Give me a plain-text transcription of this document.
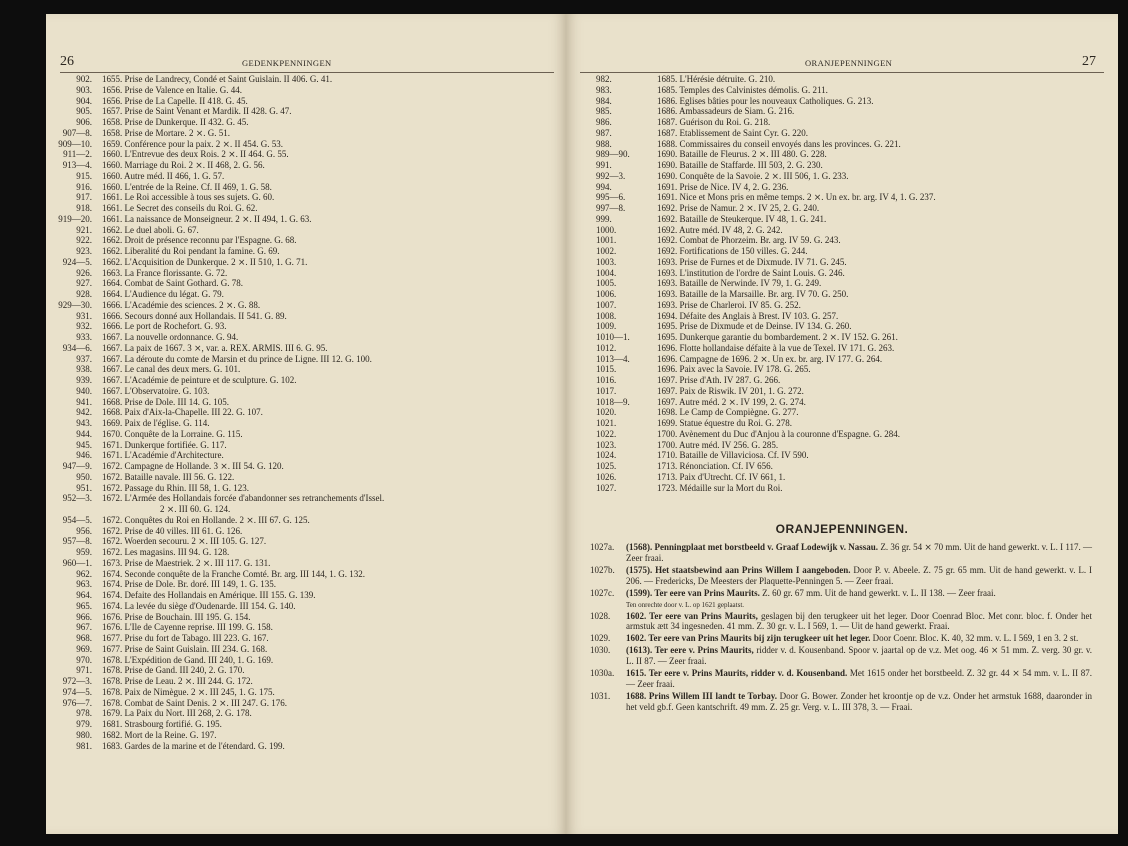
26	GEDENKPENNINGEN
902.	1655. Prise de Landrecy, Condé et Saint Guislain. II 406. G. 41.
903.	1656. Prise de Valence en Italie. G. 44.
904.	1656. Prise de La Capelle. II 418. G. 45.
905.	1657. Prise de Saint Venant et Mardik. II 428. G. 47.
906.	1658. Prise de Dunkerque. II 432. G. 45.
907—8.	1658. Prise de Mortare. 2 ⨯. G. 51.
909—10.	1659. Conférence pour la paix. 2 ⨯. II 454. G. 53.
911—2.	1660. L'Entrevue des deux Rois. 2 ⨯. II 464. G. 55.
913—4.	1660. Marriage du Roi. 2 ⨯. II 468, 2. G. 56.
915.	1660. Autre méd. II 466, 1. G. 57.
916.	1660. L'entrée de la Reine. Cf. II 469, 1. G. 58.
917.	1661. Le Roi accessible à tous ses sujets. G. 60.
918.	1661. Le Secret des conseils du Roi. G. 62.
919—20.	1661. La naissance de Monseigneur. 2 ⨯. II 494, 1. G. 63.
921.	1662. Le duel aboli. G. 67.
922.	1662. Droit de présence reconnu par l'Espagne. G. 68.
923.	1662. Liberalité du Roi pendant la famine. G. 69.
924—5.	1662. L'Acquisition de Dunkerque. 2 ⨯. II 510, 1. G. 71.
926.	1663. La France florissante. G. 72.
927.	1664. Combat de Saint Gothard. G. 78.
928.	1664. L'Audience du légat. G. 79.
929—30.	1666. L'Académie des sciences. 2 ⨯. G. 88.
931.	1666. Secours donné aux Hollandais. II 541. G. 89.
932.	1666. Le port de Rochefort. G. 93.
933.	1667. La nouvelle ordonnance. G. 94.
934—6.	1667. La paix de 1667. 3 ⨯, var. a. REX. ARMIS. III 6. G. 95.
937.	1667. La déroute du comte de Marsin et du prince de Ligne. III 12. G. 100.
938.	1667. Le canal des deux mers. G. 101.
939.	1667. L'Académie de peinture et de sculpture. G. 102.
940.	1667. L'Observatoire. G. 103.
941.	1668. Prise de Dole. III 14. G. 105.
942.	1668. Paix d'Aix-la-Chapelle. III 22. G. 107.
943.	1669. Paix de l'église. G. 114.
944.	1670. Conquête de la Lorraine. G. 115.
945.	1671. Dunkerque fortifiée. G. 117.
946.	1671. L'Académie d'Architecture.
947—9.	1672. Campagne de Hollande. 3 ⨯. III 54. G. 120.
950.	1672. Bataille navale. III 56. G. 122.
951.	1672. Passage du Rhin. III 58, 1. G. 123.
952—3.	1672. L'Armée des Hollandais forcée d'abandonner ses retranchements d'Issel.
2 ⨯. III 60. G. 124.
954—5.	1672. Conquêtes du Roi en Hollande. 2 ⨯. III 67. G. 125.
956.	1672. Prise de 40 villes. III 61. G. 126.
957—8.	1672. Woerden secouru. 2 ⨯. III 105. G. 127.
959.	1672. Les magasins. III 94. G. 128.
960—1.	1673. Prise de Maestriek. 2 ⨯. III 117. G. 131.
962.	1674. Seconde conquête de la Franche Comté. Br. arg. III 144, 1. G. 132.
963.	1674. Prise de Dole. Br. doré. III 149, 1. G. 135.
964.	1674. Defaite des Hollandais en Amérique. III 155. G. 139.
965.	1674. La levée du siège d'Oudenarde. III 154. G. 140.
966.	1676. Prise de Bouchain. III 195. G. 154.
967.	1676. L'Ile de Cayenne reprise. III 199. G. 158.
968.	1677. Prise du fort de Tabago. III 223. G. 167.
969.	1677. Prise de Saint Guislain. III 234. G. 168.
970.	1678. L'Expédition de Gand. III 240, 1. G. 169.
971.	1678. Prise de Gand. III 240, 2. G. 170.
972—3.	1678. Prise de Leau. 2 ⨯. III 244. G. 172.
974—5.	1678. Paix de Nimègue. 2 ⨯. III 245, 1. G. 175.
976—7.	1678. Combat de Saint Denis. 2 ⨯. III 247. G. 176.
978.	1679. La Paix du Nort. III 268, 2. G. 178.
979.	1681. Strasbourg fortifié. G. 195.
980.	1682. Mort de la Reine. G. 197.
981.	1683. Gardes de la marine et de l'étendard. G. 199.
ORANJEPENNINGEN	27
982.	1685. L'Hérésie détruite. G. 210.
983.	1685. Temples des Calvinistes démolis. G. 211.
984.	1686. Eglises bâties pour les nouveaux Catholiques. G. 213.
985.	1686. Ambassadeurs de Siam. G. 216.
986.	1687. Guérison du Roi. G. 218.
987.	1687. Etablissement de Saint Cyr. G. 220.
988.	1688. Commissaires du conseil envoyés dans les provinces. G. 221.
989—90.	1690. Bataille de Fleurus. 2 ⨯. III 480. G. 228.
991.	1690. Bataille de Staffarde. III 503, 2. G. 230.
992—3.	1690. Conquête de la Savoie. 2 ⨯. III 506, 1. G. 233.
994.	1691. Prise de Nice. IV 4, 2. G. 236.
995—6.	1691. Nice et Mons pris en même temps. 2 ⨯. Un ex. br. arg. IV 4, 1. G. 237.
997—8.	1692. Prise de Namur. 2 ⨯. IV 25, 2. G. 240.
999.	1692. Bataille de Steukerque. IV 48, 1. G. 241.
1000.	1692. Autre méd. IV 48, 2. G. 242.
1001.	1692. Combat de Phorzeim. Br. arg. IV 59. G. 243.
1002.	1692. Fortifications de 150 villes. G. 244.
1003.	1693. Prise de Furnes et de Dixmude. IV 71. G. 245.
1004.	1693. L'institution de l'ordre de Saint Louis. G. 246.
1005.	1693. Bataille de Nerwinde. IV 79, 1. G. 249.
1006.	1693. Bataille de la Marsaille. Br. arg. IV 70. G. 250.
1007.	1693. Prise de Charleroi. IV 85. G. 252.
1008.	1694. Défaite des Anglais à Brest. IV 103. G. 257.
1009.	1695. Prise de Dixmude et de Deinse. IV 134. G. 260.
1010—1.	1695. Dunkerque garantie du bombardement. 2 ⨯. IV 152. G. 261.
1012.	1696. Flotte hollandaise défaite à la vue de Texel. IV 171. G. 263.
1013—4.	1696. Campagne de 1696. 2 ⨯. Un ex. br. arg. IV 177. G. 264.
1015.	1696. Paix avec la Savoie. IV 178. G. 265.
1016.	1697. Prise d'Ath. IV 287. G. 266.
1017.	1697. Paix de Riswik. IV 201, 1. G. 272.
1018—9.	1697. Autre méd. 2 ⨯. IV 199, 2. G. 274.
1020.	1698. Le Camp de Compiègne. G. 277.
1021.	1699. Statue équestre du Roi. G. 278.
1022.	1700. Avènement du Duc d'Anjou à la couronne d'Espagne. G. 284.
1023.	1700. Autre méd. IV 256. G. 285.
1024.	1710. Bataille de Villaviciosa. Cf. IV 590.
1025.	1713. Rénonciation. Cf. IV 656.
1026.	1713. Paix d'Utrecht. Cf. IV 661, 1.
1027.	1723. Médaille sur la Mort du Roi.
ORANJEPENNINGEN.
1027a.	(1568). Penningplaat met borstbeeld v. Graaf Lodewijk v. Nassau. Z. 36 gr. 54 ⨯ 70 mm. Uit de hand gewerkt. v. L. I 117. — Zeer fraai.
1027b.	(1575). Het staatsbewind aan Prins Willem I aangeboden. Door P. v. Abeele. Z. 75 gr. 65 mm. Uit de hand gewerkt. v. L. I 206. — Fredericks, De Meesters der Plaquette-Penningen 5. — Zeer fraai.
1027c.	(1599). Ter eere van Prins Maurits. Z. 60 gr. 67 mm. Uit de hand gewerkt. v. L. II 138. — Zeer fraai.
Ten onrechte door v. L. op 1621 geplaatst.
1028.	1602. Ter eere van Prins Maurits, geslagen bij den terugkeer uit het leger. Door Coenrad Bloc. Met conr. bloc. f. Onder het armstuk ætt 34 ingesneden. 41 mm. Z. 30 gr. v. L. I 569, 1. — Uit de hand gewerkt. Fraai.
1029.	1602. Ter eere van Prins Maurits bij zijn terugkeer uit het leger. Door Coenr. Bloc. K. 40, 32 mm. v. L. I 569, 1 en 3. 2 st.
1030.	(1613). Ter eere v. Prins Maurits, ridder v. d. Kousenband. Spoor v. jaartal op de v.z. Met oog. 46 ⨯ 51 mm. Z. verg. 30 gr. v. L. II 87. — Zeer fraai.
1030a.	1615. Ter eere v. Prins Maurits, ridder v. d. Kousenband. Met 1615 onder het borstbeeld. Z. 32 gr. 44 ⨯ 54 mm. v. L. II 87. — Zeer fraai.
1031.	1688. Prins Willem III landt te Torbay. Door G. Bower. Zonder het kroontje op de v.z. Onder het armstuk 1688, daaronder in het veld gb.f. Geen kantschrift. 49 mm. Z. 25 gr. Verg. v. L. III 378, 3. — Fraai.
